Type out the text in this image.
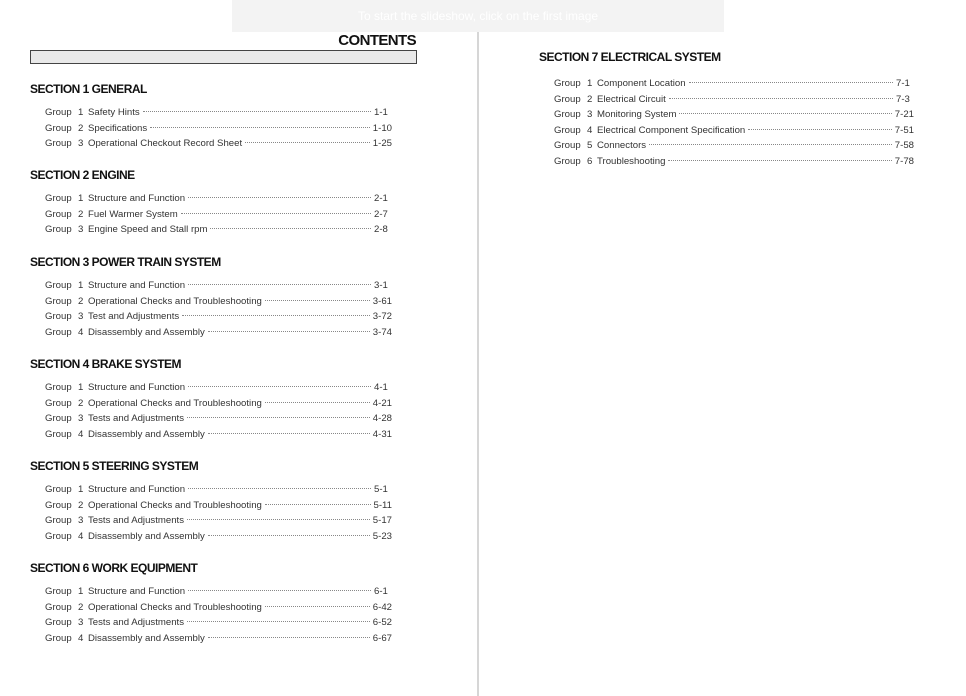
CONTENTS
SECTION 1 GENERAL
Group 1 Safety Hints	1-1
Group 2 Specifications	1-10
Group 3 Operational Checkout Record Sheet	1-25
SECTION 2 ENGINE
Group 1 Structure and Function	2-1
Group 2 Fuel Warmer System	2-7
Group 3 Engine Speed and Stall rpm	2-8
SECTION 3 POWER TRAIN SYSTEM
Group 1 Structure and Function	3-1
Group 2 Operational Checks and Troubleshooting	3-61
Group 3 Test and Adjustments	3-72
Group 4 Disassembly and Assembly	3-74
SECTION 4 BRAKE SYSTEM
Group 1 Structure and Function	4-1
Group 2 Operational Checks and Troubleshooting	4-21
Group 3 Tests and Adjustments	4-28
Group 4 Disassembly and Assembly	4-31
SECTION 5 STEERING SYSTEM
Group 1 Structure and Function	5-1
Group 2 Operational Checks and Troubleshooting	5-11
Group 3 Tests and Adjustments	5-17
Group 4 Disassembly and Assembly	5-23
SECTION 6 WORK EQUIPMENT
Group 1 Structure and Function	6-1
Group 2 Operational Checks and Troubleshooting	6-42
Group 3 Tests and Adjustments	6-52
Group 4 Disassembly and Assembly	6-67
SECTION 7 ELECTRICAL SYSTEM
Group 1 Component Location	7-1
Group 2 Electrical Circuit	7-3
Group 3 Monitoring System	7-21
Group 4 Electrical Component Specification	7-51
Group 5 Connectors	7-58
Group 6 Troubleshooting	7-78
To start the slideshow, click on the first image
